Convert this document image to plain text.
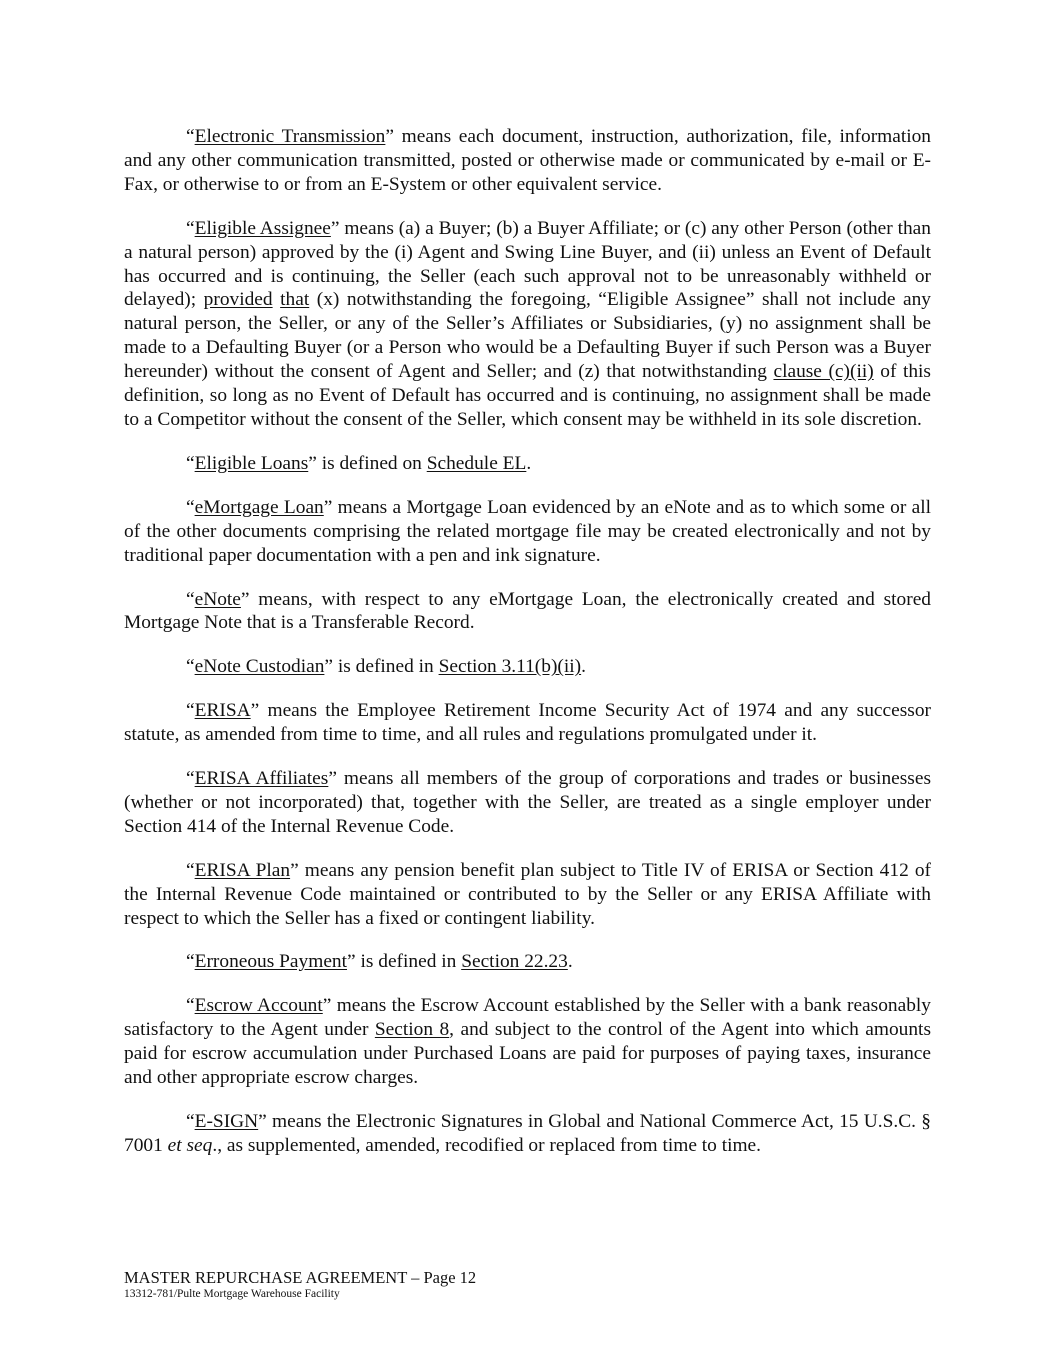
“Electronic Transmission” means each document, instruction, authorization, file, information and any other communication transmitted, posted or otherwise made or communicated by e-mail or E-Fax, or otherwise to or from an E-System or other equivalent service.

“Eligible Assignee” means (a) a Buyer; (b) a Buyer Affiliate; or (c) any other Person (other than a natural person) approved by the (i) Agent and Swing Line Buyer, and (ii) unless an Event of Default has occurred and is continuing, the Seller (each such approval not to be unreasonably withheld or delayed); provided that (x) notwithstanding the foregoing, “Eligible Assignee” shall not include any natural person, the Seller, or any of the Seller’s Affiliates or Subsidiaries, (y) no assignment shall be made to a Defaulting Buyer (or a Person who would be a Defaulting Buyer if such Person was a Buyer hereunder) without the consent of Agent and Seller; and (z) that notwithstanding clause (c)(ii) of this definition, so long as no Event of Default has occurred and is continuing, no assignment shall be made to a Competitor without the consent of the Seller, which consent may be withheld in its sole discretion.

“Eligible Loans” is defined on Schedule EL.

“eMortgage Loan” means a Mortgage Loan evidenced by an eNote and as to which some or all of the other documents comprising the related mortgage file may be created electronically and not by traditional paper documentation with a pen and ink signature.

“eNote” means, with respect to any eMortgage Loan, the electronically created and stored Mortgage Note that is a Transferable Record.

“eNote Custodian” is defined in Section 3.11(b)(ii).

“ERISA” means the Employee Retirement Income Security Act of 1974 and any successor statute, as amended from time to time, and all rules and regulations promulgated under it.

“ERISA Affiliates” means all members of the group of corporations and trades or businesses (whether or not incorporated) that, together with the Seller, are treated as a single employer under Section 414 of the Internal Revenue Code.

“ERISA Plan” means any pension benefit plan subject to Title IV of ERISA or Section 412 of the Internal Revenue Code maintained or contributed to by the Seller or any ERISA Affiliate with respect to which the Seller has a fixed or contingent liability.

“Erroneous Payment” is defined in Section 22.23.

“Escrow Account” means the Escrow Account established by the Seller with a bank reasonably satisfactory to the Agent under Section 8, and subject to the control of the Agent into which amounts paid for escrow accumulation under Purchased Loans are paid for purposes of paying taxes, insurance and other appropriate escrow charges.

“E-SIGN” means the Electronic Signatures in Global and National Commerce Act, 15 U.S.C. § 7001 et seq., as supplemented, amended, recodified or replaced from time to time.

MASTER REPURCHASE AGREEMENT – Page 12
13312-781/Pulte Mortgage Warehouse Facility
